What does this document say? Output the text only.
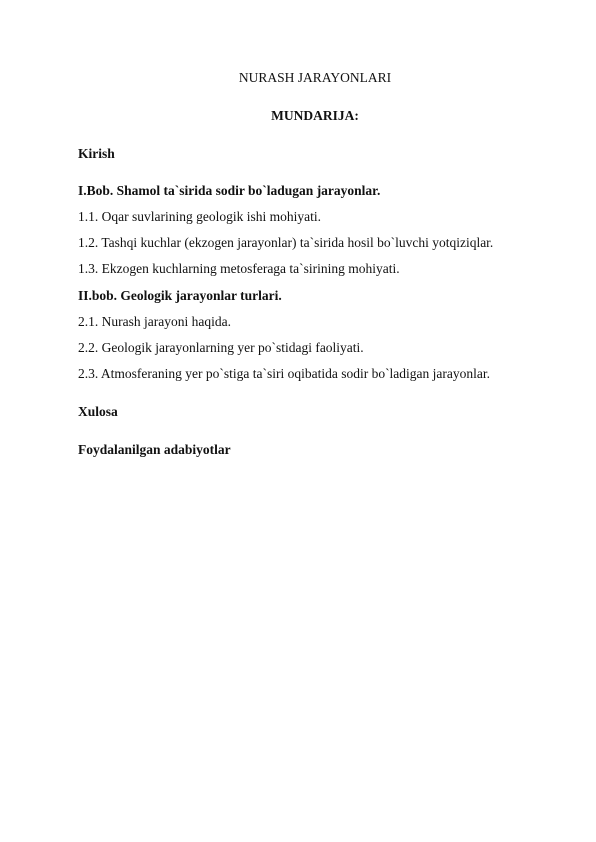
NURASH JARAYONLARI
MUNDARIJA:
Kirish
I.Bob. Shamol ta`sirida sodir bo`ladugan jarayonlar.
1.1. Oqar suvlarining geologik ishi mohiyati.
1.2. Tashqi kuchlar (ekzogen jarayonlar) ta`sirida hosil bo`luvchi yotqiziqlar.
1.3. Ekzogen kuchlarning metosferaga ta`sirining mohiyati.
II.bob. Geologik jarayonlar turlari.
2.1. Nurash jarayoni haqida.
2.2. Geologik jarayonlarning yer po`stidagi faoliyati.
2.3. Atmosferaning yer po`stiga ta`siri oqibatida sodir bo`ladigan jarayonlar.
Xulosa
Foydalanilgan adabiyotlar
